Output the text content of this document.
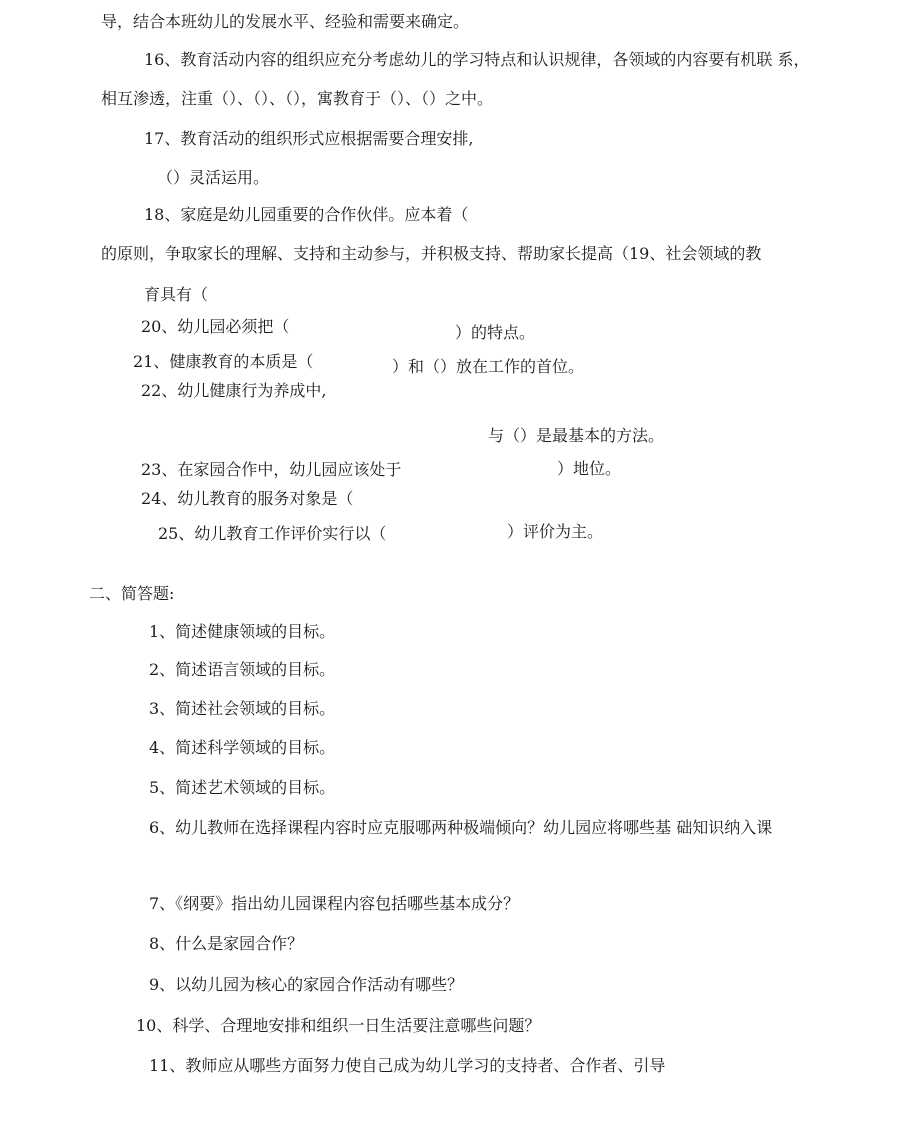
导，结合本班幼儿的发展水平、经验和需要来确定。

16、教育活动内容的组织应充分考虑幼儿的学习特点和认识规律，各领域的内容要有机联 系，

相互渗透，注重（）、（）、（），寓教育于（）、（）之中。

17、教育活动的组织形式应根据需要合理安排,

（）灵活运用。

18、家庭是幼儿园重要的合作伙伴。应本着（

的原则，争取家长的理解、支持和主动参与，并积极支持、帮助家长提高（19、社会领域的教

育具有（

20、幼儿园必须把（	）的特点。

21、健康教育的本质是（	）和（）放在工作的首位。

22、幼儿健康行为养成中,

与（）是最基本的方法。

23、在家园合作中，幼儿园应该处于	）地位。

24、幼儿教育的服务对象是（

25、幼儿教育工作评价实行以（	）评价为主。

二、简答题:

1、简述健康领域的目标。

2、简述语言领域的目标。

3、简述社会领域的目标。

4、简述科学领域的目标。

5、简述艺术领域的目标。

6、幼儿教师在选择课程内容时应克服哪两种极端倾向？幼儿园应将哪些基 础知识纳入课

7、《纲要》指出幼儿园课程内容包括哪些基本成分？

8、什么是家园合作？

9、以幼儿园为核心的家园合作活动有哪些？

10、科学、合理地安排和组织一日生活要注意哪些问题？

11、教师应从哪些方面努力使自己成为幼儿学习的支持者、合作者、引导
